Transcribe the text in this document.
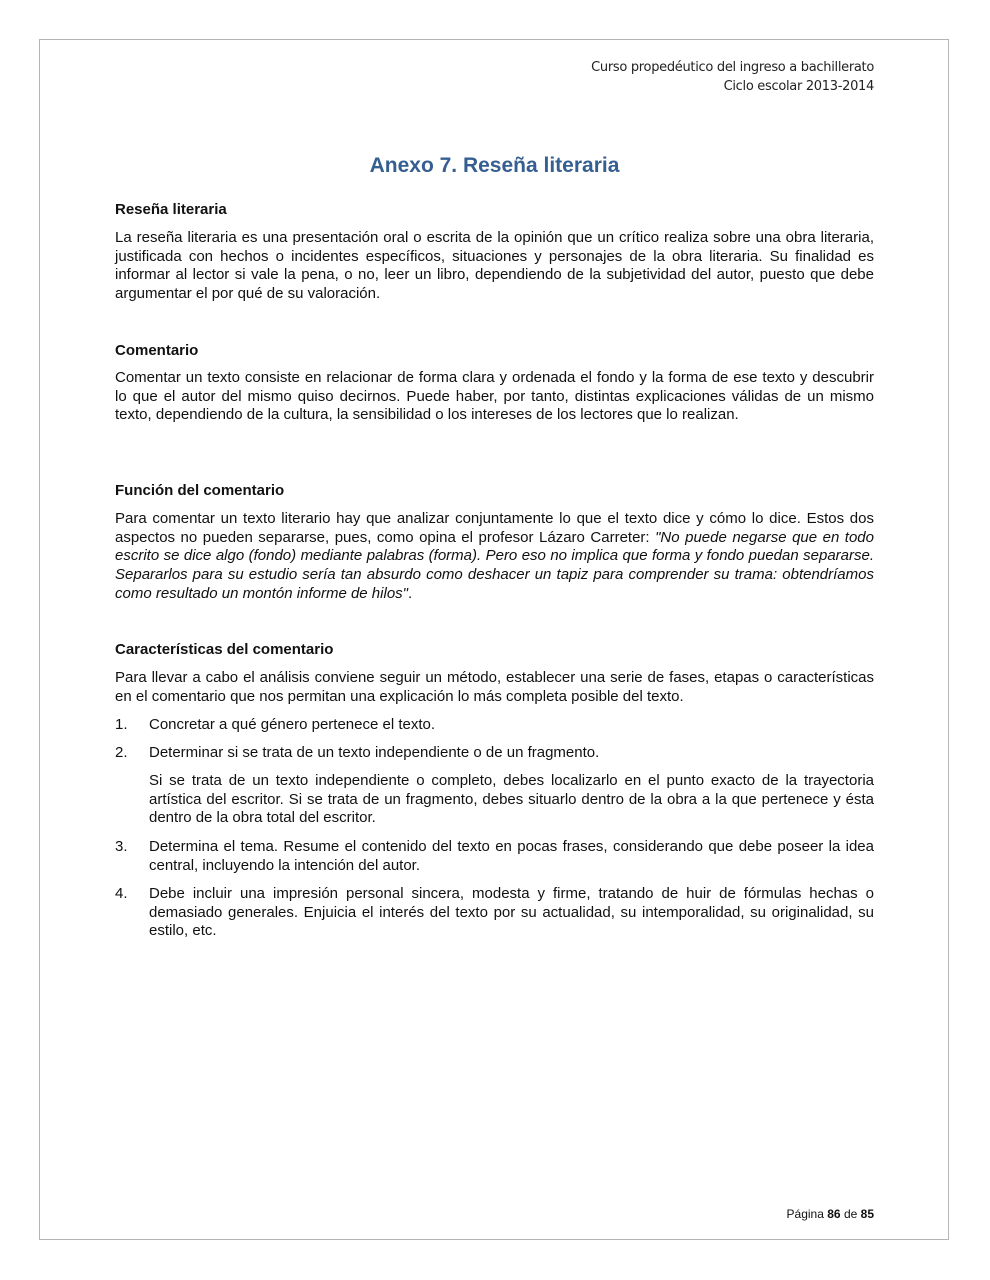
Curso propedéutico del ingreso a bachillerato
Ciclo escolar 2013-2014
Anexo 7. Reseña literaria
Reseña literaria
La reseña literaria es una presentación oral o escrita de la opinión que un crítico realiza sobre una obra literaria, justificada con hechos o incidentes específicos, situaciones y personajes de la obra literaria. Su finalidad es informar al lector si vale la pena, o no, leer un libro, dependiendo de la subjetividad del autor, puesto que debe argumentar el por qué de su valoración.
Comentario
Comentar un texto consiste en relacionar de forma clara y ordenada el fondo y la forma de ese texto y descubrir lo que el autor del mismo quiso decirnos. Puede haber, por tanto, distintas explicaciones válidas de un mismo texto, dependiendo de la cultura, la sensibilidad o los intereses de los lectores que lo realizan.
Función del comentario
Para comentar un texto literario hay que analizar conjuntamente lo que el texto dice y cómo lo dice. Estos dos aspectos no pueden separarse, pues, como opina el profesor Lázaro Carreter: "No puede negarse que en todo escrito se dice algo (fondo) mediante palabras (forma). Pero eso no implica que forma y fondo puedan separarse. Separarlos para su estudio sería tan absurdo como deshacer un tapiz para comprender su trama: obtendríamos como resultado un montón informe de hilos".
Características del comentario
Para llevar a cabo el análisis conviene seguir un método, establecer una serie de fases, etapas o características en el comentario que nos permitan una explicación lo más completa posible del texto.
1. Concretar a qué género pertenece el texto.
2. Determinar si se trata de un texto independiente o de un fragmento.
Si se trata de un texto independiente o completo, debes localizarlo en el punto exacto de la trayectoria artística del escritor. Si se trata de un fragmento, debes situarlo dentro de la obra a la que pertenece y ésta dentro de la obra total del escritor.
3. Determina el tema. Resume el contenido del texto en pocas frases, considerando que debe poseer la idea central, incluyendo la intención del autor.
4. Debe incluir una impresión personal sincera, modesta y firme, tratando de huir de fórmulas hechas o demasiado generales. Enjuicia el interés del texto por su actualidad, su intemporalidad, su originalidad, su estilo, etc.
Página 86 de 85
